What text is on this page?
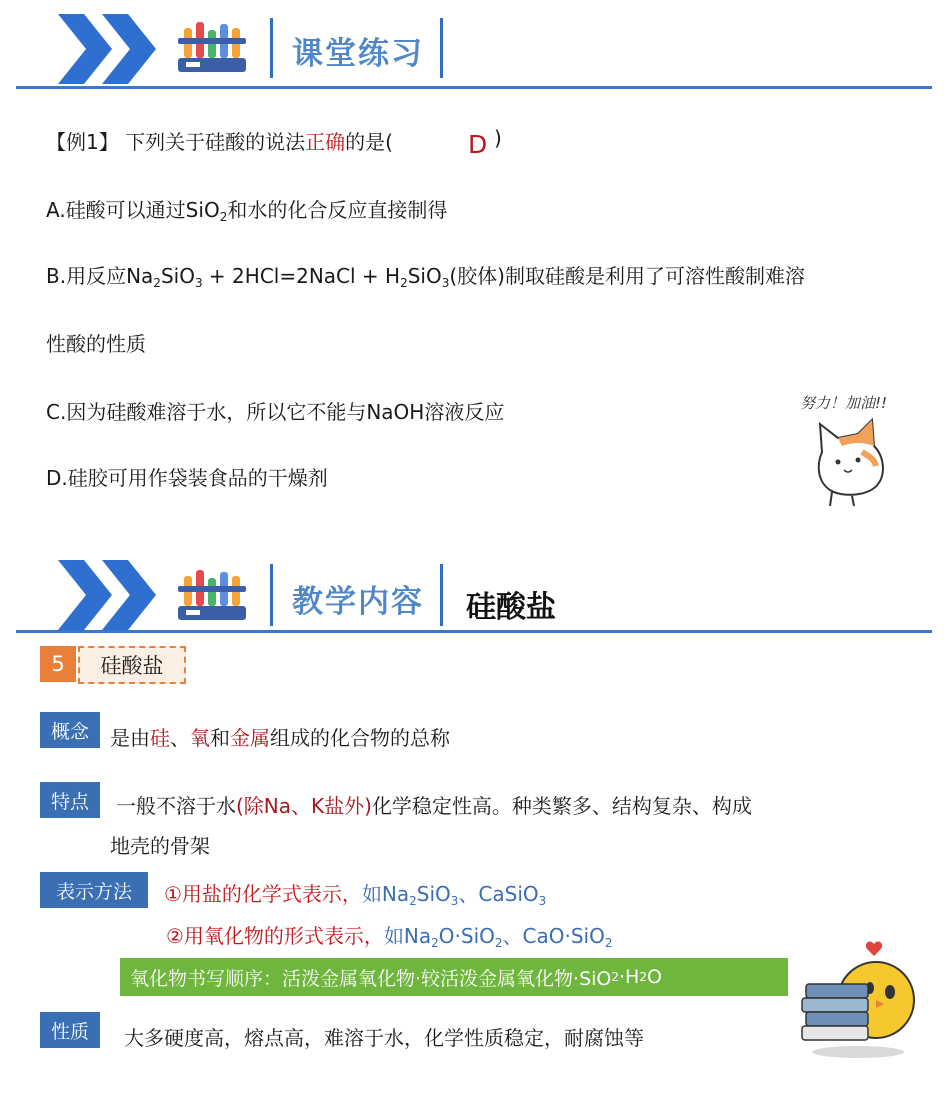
课堂练习
【例1】 下列关于硅酸的说法正确的是(	D )
A.硅酸可以通过SiO$_2$和水的化合反应直接制得
B.用反应$Na_2SiO_3$ + 2HCl=2NaCl + $H_2SiO_3$(胶体)制取硅酸是利用了可溶性酸制难溶
性酸的性质
C.因为硅酸难溶于水，所以它不能与NaOH溶液反应
D.硅胶可用作袋装食品的干燥剂
努力！加油!!
教学内容 硅酸盐
5	硅酸盐
概念	是由硅、氧和金属组成的化合物的总称
特点	一般不溶于水(除Na、K盐外)化学稳定性高。种类繁多、结构复杂、构成
地壳的骨架
表示方法	①用盐的化学式表示，如$Na_2SiO_3$、CaSiO$_3$
②用氧化物的形式表示，如$Na_2O\cdot SiO_2$、CaO·SiO$_2$
氧化物书写顺序：活泼金属氧化物·较活泼金属氧化物·SiO 2 ·H 2 O
性质	大多硬度高，熔点高，难溶于水，化学性质稳定，耐腐蚀等
